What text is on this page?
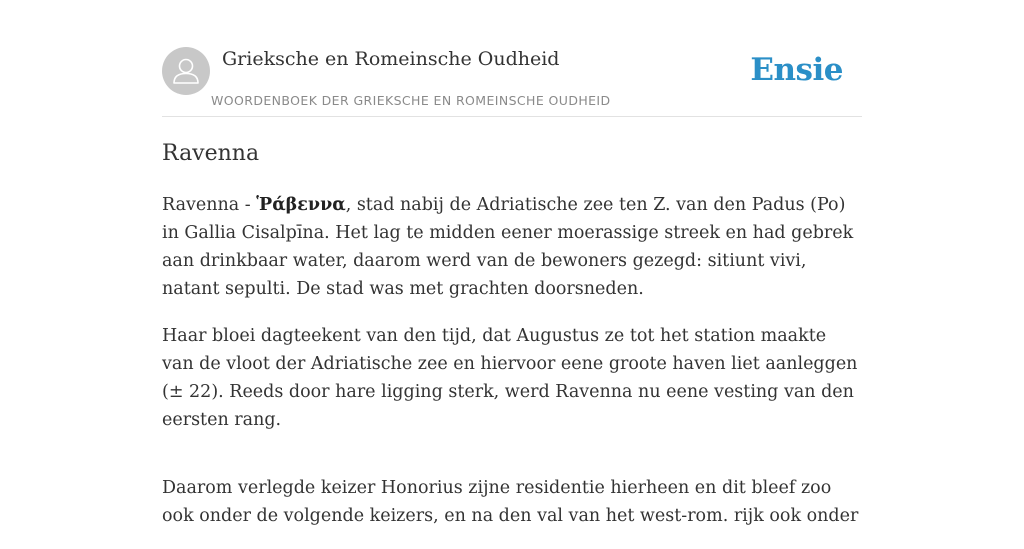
Grieksche en Romeinsche Oudheid
WOORDENBOEK DER GRIEKSCHE EN ROMEINSCHE OUDHEID
Ensie
Ravenna

Ravenna - Ῥάβεννα, stad nabij de Adriatische zee ten Z. van den Padus (Po) in Gallia Cisalpīna. Het lag te midden eener moerassige streek en had gebrek aan drinkbaar water, daarom werd van de bewoners gezegd: sitiunt vivi, natant sepulti. De stad was met grachten doorsneden.

Haar bloei dagteekent van den tijd, dat Augustus ze tot het station maakte van de vloot der Adriatische zee en hiervoor eene groote haven liet aanleggen (± 22). Reeds door hare ligging sterk, werd Ravenna nu eene vesting van den eersten rang.

Daarom verlegde keizer Honorius zijne residentie hierheen en dit bleef zoo ook onder de volgende keizers, en na den val van het west-rom. rijk ook onder
